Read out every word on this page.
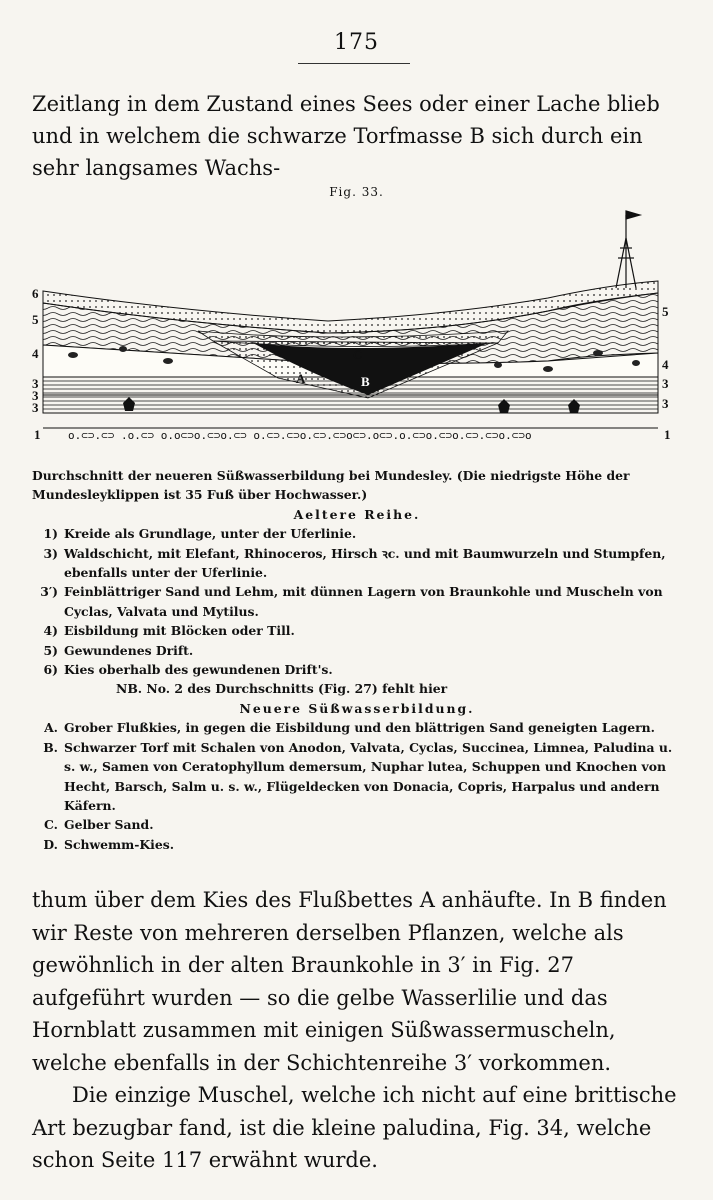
175

Zeitlang in dem Zustand eines Sees oder einer Lache blieb und in welchem die schwarze Torfmasse B sich durch ein sehr langsames Wachs-

Fig. 33.
o.⊂⊃.⊂⊃ .o.⊂⊃ o.o⊂⊃o.⊂⊃o.⊂⊃ o.⊂⊃.⊂⊃o.⊂⊃.⊂⊃o⊂⊃.o⊂⊃.o.⊂⊃o.⊂⊃o.⊂⊃.⊂⊃o.⊂⊃o
6
5
4
3
3
3
1
5
4
3
3
1
A	B
C

Durchschnitt der neueren Süßwasserbildung bei Mundesley. (Die niedrigste Höhe der Mundesleyklippen ist 35 Fuß über Hochwasser.)

Aeltere Reihe.

1) Kreide als Grundlage, unter der Uferlinie.
3) Waldschicht, mit Elefant, Rhinoceros, Hirsch ꝛc. und mit Baumwurzeln und Stumpfen, ebenfalls unter der Uferlinie.
3′) Feinblättriger Sand und Lehm, mit dünnen Lagern von Braunkohle und Muscheln von Cyclas, Valvata und Mytilus.
4) Eisbildung mit Blöcken oder Till.
5) Gewundenes Drift.
6) Kies oberhalb des gewundenen Drift's.

NB. No. 2 des Durchschnitts (Fig. 27) fehlt hier

Neuere Süßwasserbildung.

A. Grober Flußkies, in gegen die Eisbildung und den blättrigen Sand geneigten Lagern.
B. Schwarzer Torf mit Schalen von Anodon, Valvata, Cyclas, Succinea, Limnea, Paludina u. s. w., Samen von Ceratophyllum demersum, Nuphar lutea, Schuppen und Knochen von Hecht, Barsch, Salm u. s. w., Flügeldecken von Donacia, Copris, Harpalus und andern Käfern.
C. Gelber Sand.
D. Schwemm-Kies.

thum über dem Kies des Flußbettes A anhäufte. In B finden wir Reste von mehreren derselben Pflanzen, welche als gewöhnlich in der alten Braunkohle in 3′ in Fig. 27 aufgeführt wurden — so die gelbe Wasserlilie und das Hornblatt zusammen mit einigen Süßwassermuscheln, welche ebenfalls in der Schichtenreihe 3′ vorkommen.

Die einzige Muschel, welche ich nicht auf eine brittische Art bezugbar fand, ist die kleine paludina, Fig. 34, welche schon Seite 117 erwähnt wurde.
